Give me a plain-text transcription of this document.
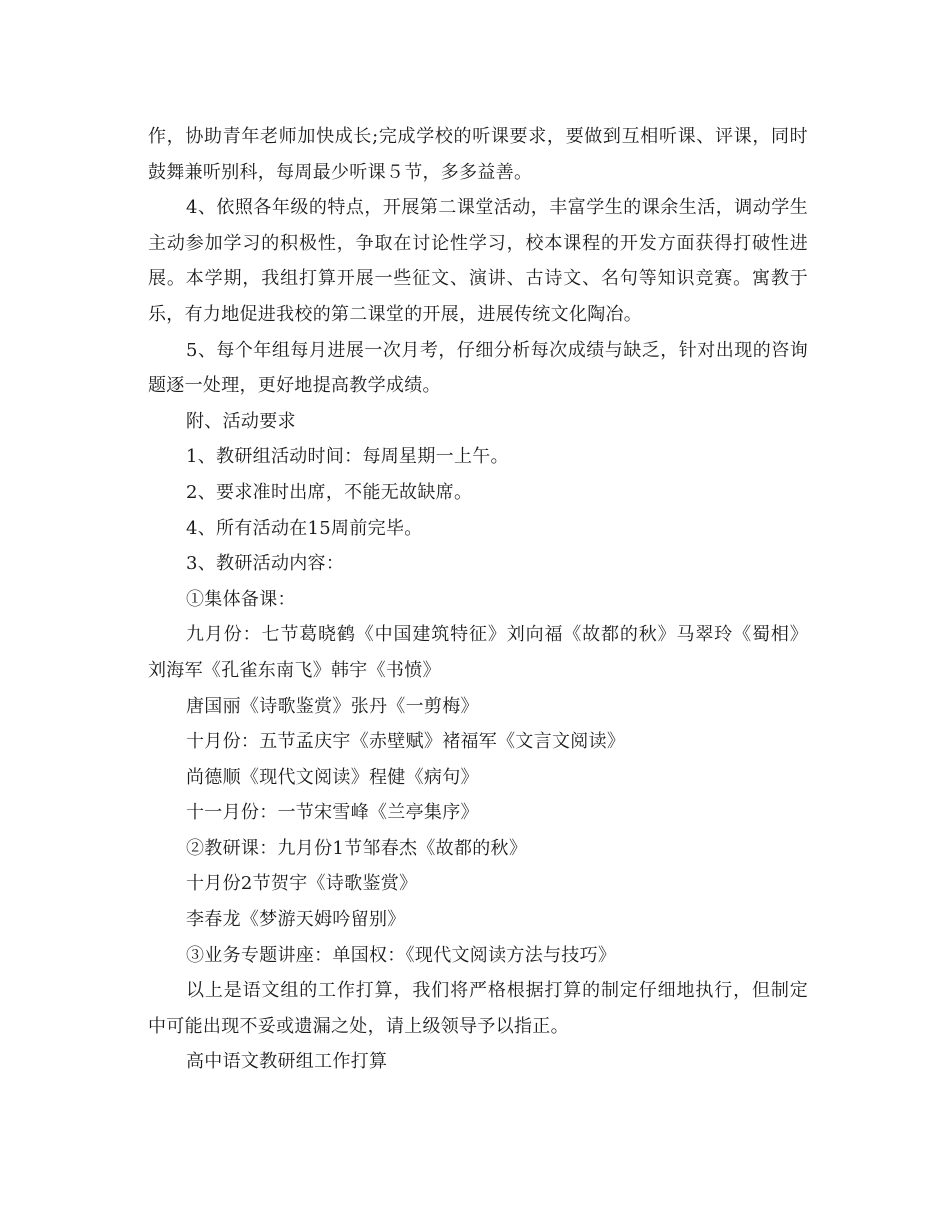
作，协助青年老师加快成长;完成学校的听课要求，要做到互相听课、评课，同时鼓舞兼听别科，每周最少听课５节，多多益善。

4、依照各年级的特点，开展第二课堂活动，丰富学生的课余生活，调动学生主动参加学习的积极性，争取在讨论性学习，校本课程的开发方面获得打破性进展。本学期，我组打算开展一些征文、演讲、古诗文、名句等知识竞赛。寓教于乐，有力地促进我校的第二课堂的开展，进展传统文化陶冶。

5、每个年组每月进展一次月考，仔细分析每次成绩与缺乏，针对出现的咨询题逐一处理，更好地提高教学成绩。

附、活动要求

1、教研组活动时间：每周星期一上午。

2、要求准时出席，不能无故缺席。

4、所有活动在15周前完毕。

3、教研活动内容：

①集体备课：

九月份：七节葛晓鹤《中国建筑特征》刘向福《故都的秋》马翠玲《蜀相》刘海军《孔雀东南飞》韩宇《书愤》

唐国丽《诗歌鉴赏》张丹《一剪梅》

十月份：五节孟庆宇《赤壁赋》褚福军《文言文阅读》

尚德顺《现代文阅读》程健《病句》

十一月份：一节宋雪峰《兰亭集序》

②教研课：九月份1节邹春杰《故都的秋》

十月份2节贺宇《诗歌鉴赏》

李春龙《梦游天姆吟留别》

③业务专题讲座：单国权：《现代文阅读方法与技巧》

以上是语文组的工作打算，我们将严格根据打算的制定仔细地执行，但制定中可能出现不妥或遗漏之处，请上级领导予以指正。

高中语文教研组工作打算
